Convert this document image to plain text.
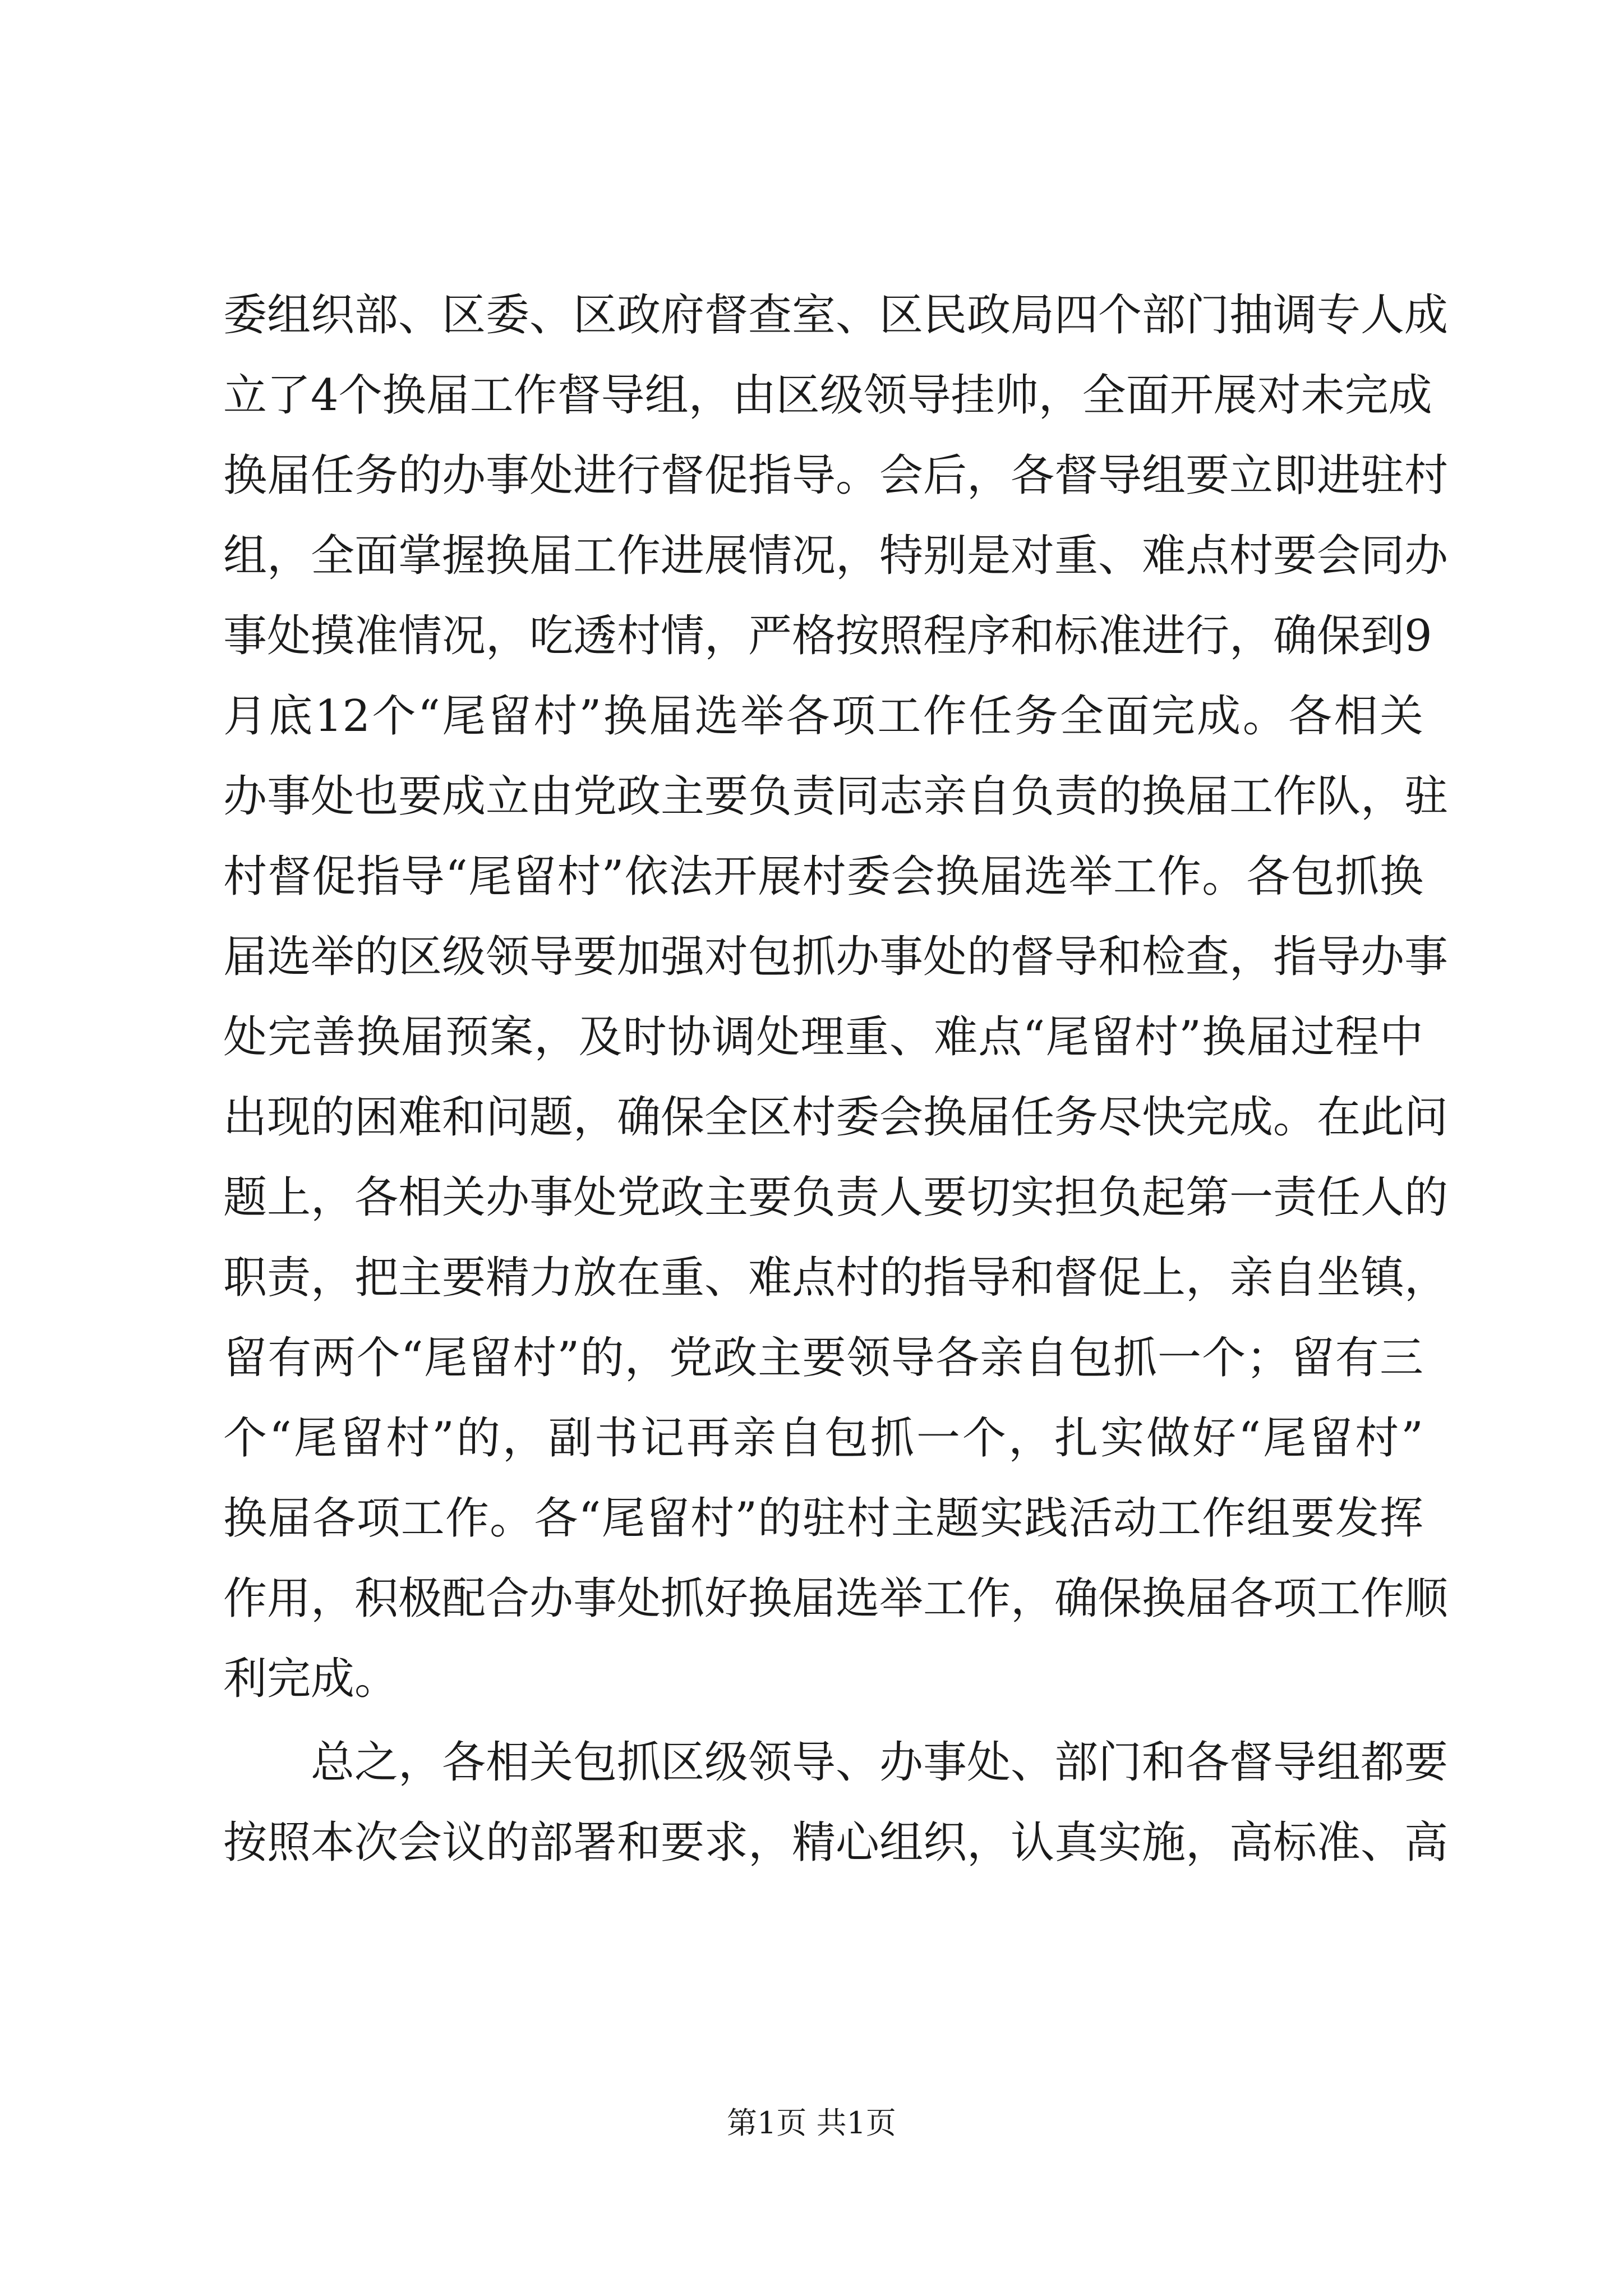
委组织部、区委、区政府督查室、区民政局四个部门抽调专人成
立了4个换届工作督导组，由区级领导挂帅，全面开展对未完成
换届任务的办事处进行督促指导。会后，各督导组要立即进驻村
组，全面掌握换届工作进展情况，特别是对重、难点村要会同办
事处摸准情况，吃透村情，严格按照程序和标准进行，确保到9
月底12个“尾留村”换届选举各项工作任务全面完成。各相关
办事处也要成立由党政主要负责同志亲自负责的换届工作队，驻
村督促指导“尾留村”依法开展村委会换届选举工作。各包抓换
届选举的区级领导要加强对包抓办事处的督导和检查，指导办事
处完善换届预案，及时协调处理重、难点“尾留村”换届过程中
出现的困难和问题，确保全区村委会换届任务尽快完成。在此问
题上，各相关办事处党政主要负责人要切实担负起第一责任人的
职责，把主要精力放在重、难点村的指导和督促上，亲自坐镇，
留有两个“尾留村”的，党政主要领导各亲自包抓一个；留有三
个“尾留村”的，副书记再亲自包抓一个，扎实做好“尾留村”
换届各项工作。各“尾留村”的驻村主题实践活动工作组要发挥
作用，积极配合办事处抓好换届选举工作，确保换届各项工作顺
利完成。
总之，各相关包抓区级领导、办事处、部门和各督导组都要
按照本次会议的部署和要求，精心组织，认真实施，高标准、高
第1页 共1页
